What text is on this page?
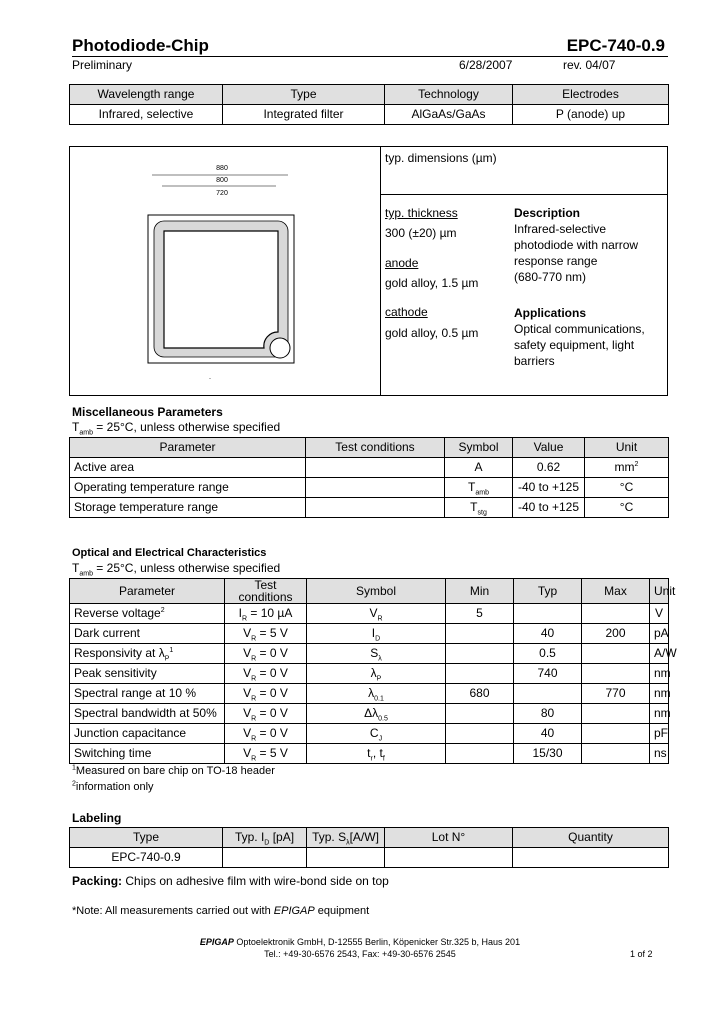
Photodiode-Chip	EPC-740-0.9
Preliminary	6/28/2007	rev. 04/07
Wavelength range	Type	Technology	Electrodes
Infrared, selective	Integrated filter	AlGaAs/GaAs	P (anode) up
880
800
720
-
typ. dimensions (µm)
typ. thickness
300 (±20) µm
anode
gold alloy, 1.5 µm
cathode
gold alloy, 0.5 µm
Description
Infrared-selective
photodiode with narrow
response range
(680-770 nm)
Applications
Optical communications,
safety equipment, light
barriers
Miscellaneous Parameters
$T_{amb} = 25^\circ C$, unless otherwise specified
Parameter	Test conditions	Symbol	Value	Unit
Active area		A	0.62	$mm^2$
Operating temperature range		$T_{amb}$	-40 to +125	°C
Storage temperature range		$T_{stg}$	-40 to +125	°C
Optical and Electrical Characteristics
$T_{amb} = 25^\circ C$, unless otherwise specified
Parameter	Test conditions	Symbol	Min	Typ	Max	Unit
Reverse voltage$^2$	$I_R = 10$ µA	$V_R$	5			V
Dark current	$V_R = 5$ V	$I_D$		40	200	pA
Responsivity at $\lambda_P^1$	$V_R = 0$ V	$S_\lambda$		0.5		A/W
Peak sensitivity	$V_R = 0$ V	$\lambda_P$		740		nm
Spectral range at 10 %	$V_R = 0$ V	$\lambda_{0.1}$	680		770	nm
Spectral bandwidth at 50%	$V_R = 0$ V	$\Delta\lambda_{0.5}$		80		nm
Junction capacitance	$V_R = 0$ V	$C_J$		40		pF
Switching time	$V_R = 5$ V	$t_r$, $t_f$		15/30		ns
$^1$Measured on bare chip on TO-18 header
$^2$information only
Labeling
Type	Typ. $I_D$ [pA]	Typ. $S_\lambda[A/W]$	Lot N°	Quantity
EPC-740-0.9				
Packing: Chips on adhesive film with wire-bond side on top
*Note: All measurements carried out with EPIGAP equipment
EPIGAP Optoelektronik GmbH, D-12555 Berlin, Köpenicker Str.325 b, Haus 201
Tel.: +49-30-6576 2543, Fax: +49-30-6576 2545	1 of 2
